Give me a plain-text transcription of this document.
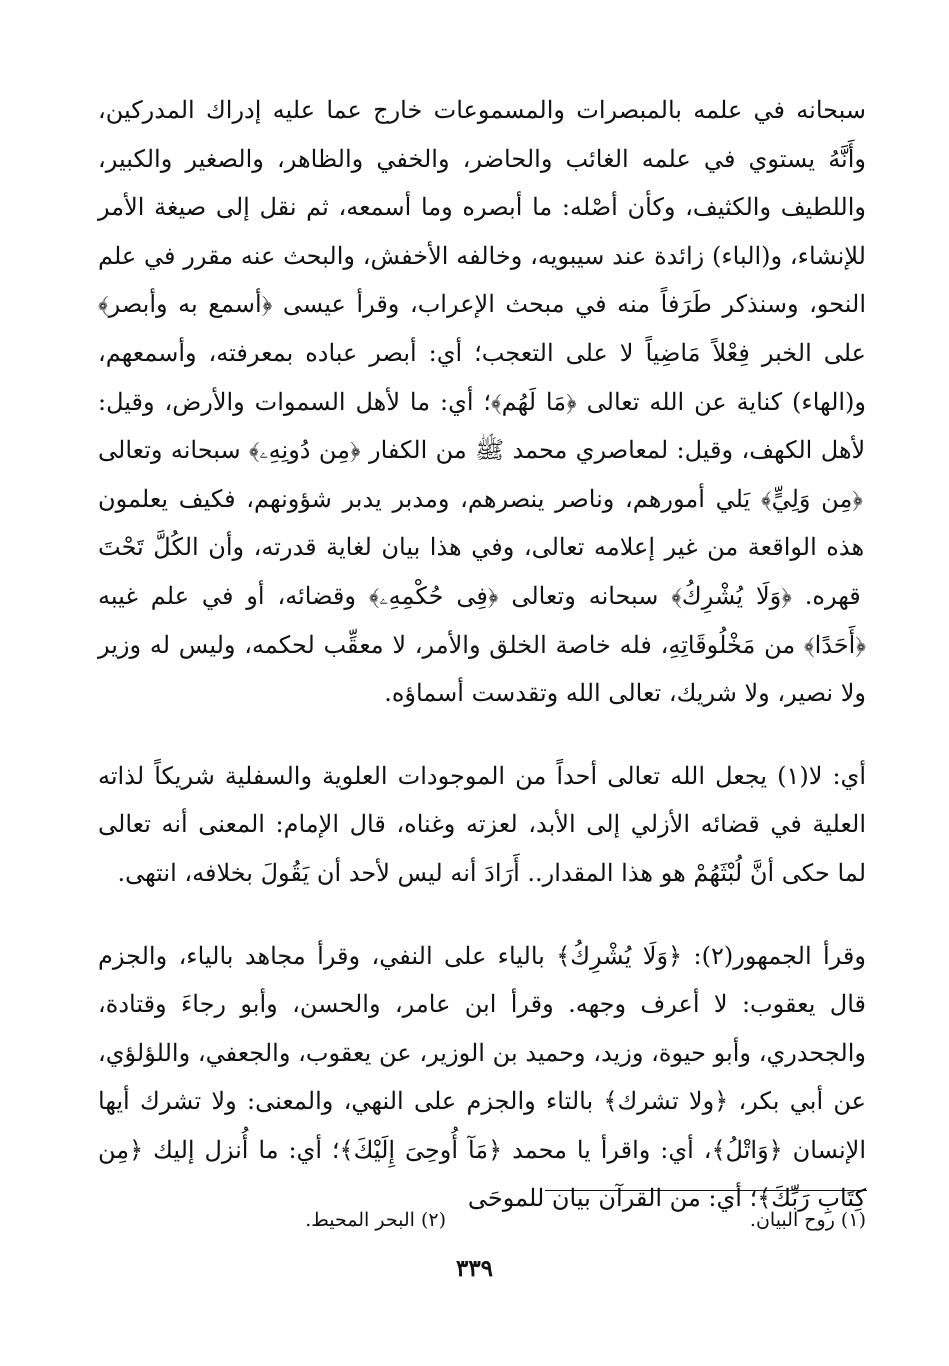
سبحانه في علمه بالمبصرات والمسموعات خارج عما عليه إدراك المدركين، وأَنَّهُ يستوي في علمه الغائب والحاضر، والخفي والظاهر، والصغير والكبير، واللطيف والكثيف، وكأن أصْله: ما أبصره وما أسمعه، ثم نقل إلى صيغة الأمر للإنشاء، و(الباء) زائدة عند سيبويه، وخالفه الأخفش، والبحث عنه مقرر في علم النحو، وسنذكر طَرَفاً منه في مبحث الإعراب، وقرأ عيسى ﴿أسمع به وأبصر﴾ على الخبر فِعْلاً مَاضِياً لا على التعجب؛ أي: أبصر عباده بمعرفته، وأسمعهم، و(الهاء) كناية عن الله تعالى ﴿مَا لَهُم﴾؛ أي: ما لأهل السموات والأرض، وقيل: لأهل الكهف، وقيل: لمعاصري محمد ﷺ من الكفار ﴿مِن دُونِهِۦ﴾ سبحانه وتعالى ﴿مِن وَلِيٍّ﴾ يَلي أمورهم، وناصر ينصرهم، ومدبر يدبر شؤونهم، فكيف يعلمون هذه الواقعة من غير إعلامه تعالى، وفي هذا بيان لغاية قدرته، وأن الكُلَّ تَحْتَ قهره. ﴿وَلَا يُشْرِكُ﴾ سبحانه وتعالى ﴿فِى حُكْمِهِۦ﴾ وقضائه، أو في علم غيبه ﴿أَحَدًا﴾ من مَخْلُوقَاتِهِ، فله خاصة الخلق والأمر، لا معقِّب لحكمه، وليس له وزير ولا نصير، ولا شريك، تعالى الله وتقدست أسماؤه.

أي: لا(١) يجعل الله تعالى أحداً من الموجودات العلوية والسفلية شريكاً لذاته العلية في قضائه الأزلي إلى الأبد، لعزته وغناه، قال الإمام: المعنى أنه تعالى لما حكى أنَّ لُبْثَهُمْ هو هذا المقدار.. أَرَادَ أنه ليس لأحد أن يَقُولَ بخلافه، انتهى.

وقرأ الجمهور(٢): ﴿وَلَا يُشْرِكُ﴾ بالياء على النفي، وقرأ مجاهد بالياء، والجزم قال يعقوب: لا أعرف وجهه. وقرأ ابن عامر، والحسن، وأبو رجاءَ وقتادة، والجحدري، وأبو حيوة، وزيد، وحميد بن الوزير، عن يعقوب، والجعفي، واللؤلؤي، عن أبي بكر، ﴿ولا تشرك﴾ بالتاء والجزم على النهي، والمعنى: ولا تشرك أيها الإنسان ﴿وَاتْلُ﴾، أي: واقرأ يا محمد ﴿مَآ أُوحِىَ إِلَيْكَ﴾؛ أي: ما أُنزل إليك ﴿مِن كِتَابِ رَبِّكَ﴾؛ أي: من القرآن بيان للموحَى

(١) روح البيان.
(٢) البحر المحيط.
٣٣٩
